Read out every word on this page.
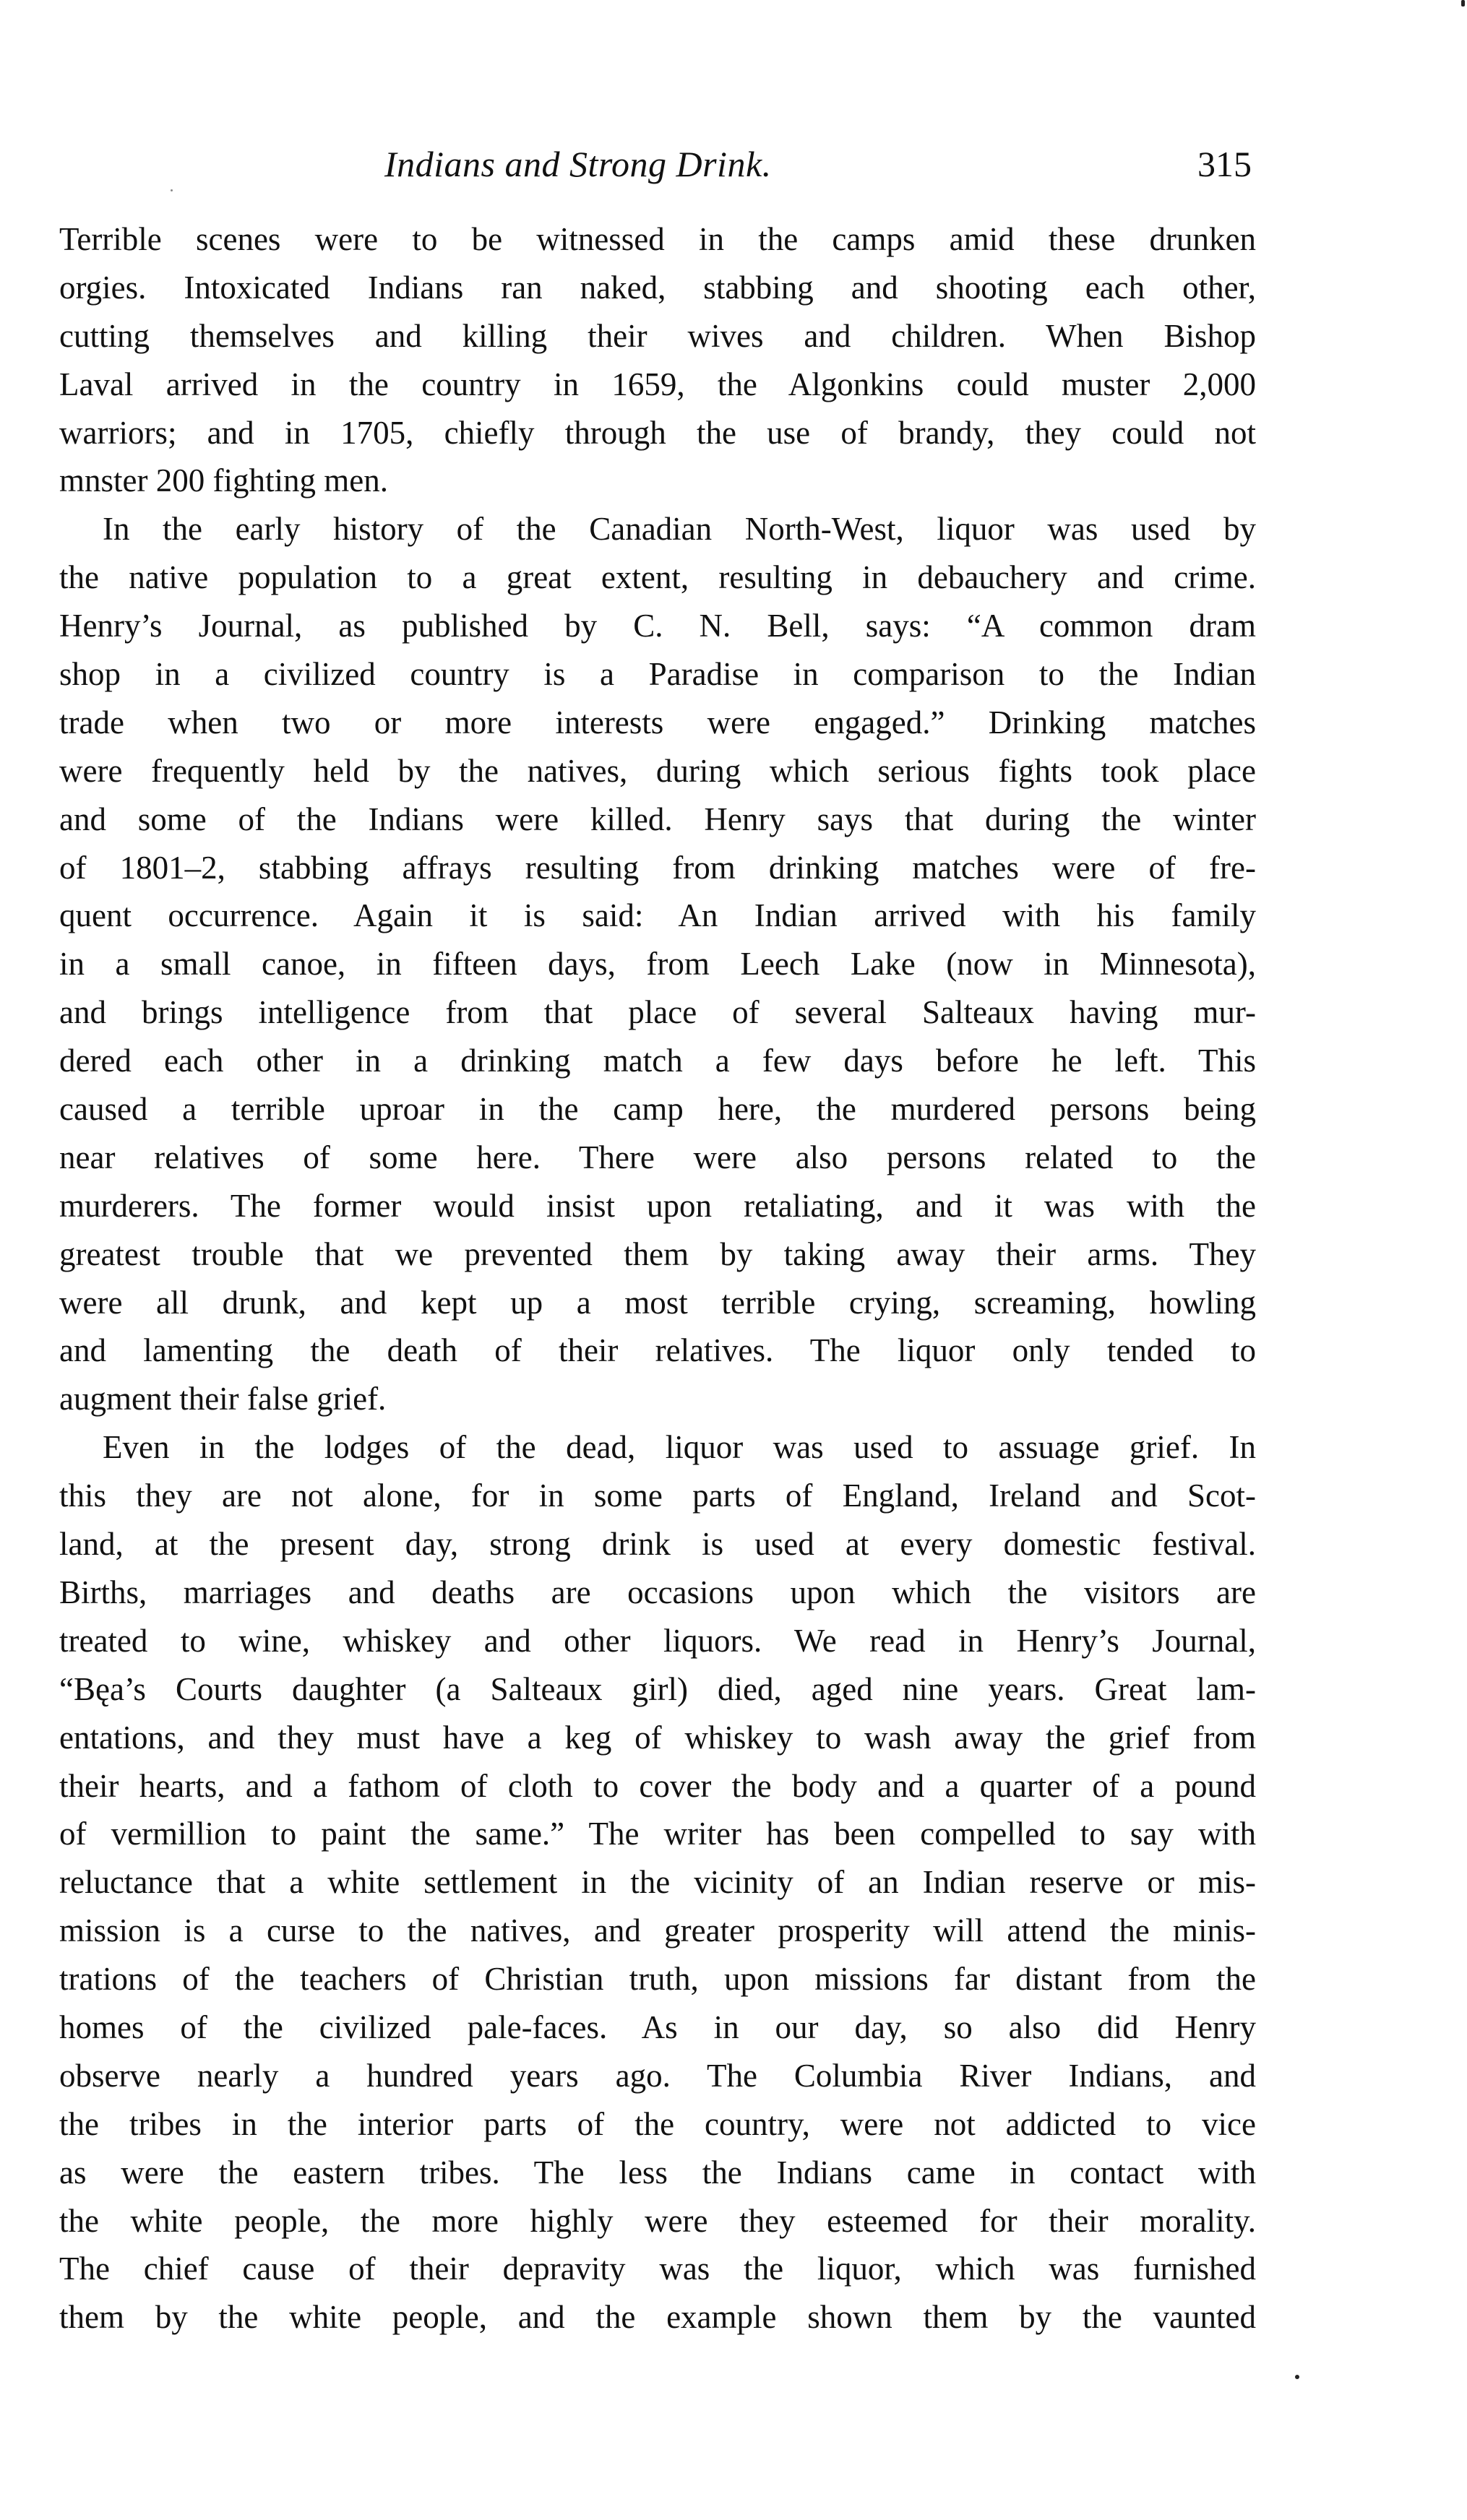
Indians and Strong Drink.	315
Terrible scenes were to be witnessed in the camps amid these drunken
orgies. Intoxicated Indians ran naked, stabbing and shooting each other,
cutting themselves and killing their wives and children. When Bishop
Laval arrived in the country in 1659, the Algonkins could muster 2,000
warriors; and in 1705, chiefly through the use of brandy, they could not
mnster 200 fighting men.
In the early history of the Canadian North-West, liquor was used by
the native population to a great extent, resulting in debauchery and crime.
Henry’s Journal, as published by C. N. Bell, says: “A common dram
shop in a civilized country is a Paradise in comparison to the Indian
trade when two or more interests were engaged.” Drinking matches
were frequently held by the natives, during which serious fights took place
and some of the Indians were killed. Henry says that during the winter
of 1801–2, stabbing affrays resulting from drinking matches were of fre-
quent occurrence. Again it is said: An Indian arrived with his family
in a small canoe, in fifteen days, from Leech Lake (now in Minnesota),
and brings intelligence from that place of several Salteaux having mur-
dered each other in a drinking match a few days before he left. This
caused a terrible uproar in the camp here, the murdered persons being
near relatives of some here. There were also persons related to the
murderers. The former would insist upon retaliating, and it was with the
greatest trouble that we prevented them by taking away their arms. They
were all drunk, and kept up a most terrible crying, screaming, howling
and lamenting the death of their relatives. The liquor only tended to
augment their false grief.
Even in the lodges of the dead, liquor was used to assuage grief. In
this they are not alone, for in some parts of England, Ireland and Scot-
land, at the present day, strong drink is used at every domestic festival.
Births, marriages and deaths are occasions upon which the visitors are
treated to wine, whiskey and other liquors. We read in Henry’s Journal,
“Bęa’s Courts daughter (a Salteaux girl) died, aged nine years. Great lam-
entations, and they must have a keg of whiskey to wash away the grief from
their hearts, and a fathom of cloth to cover the body and a quarter of a pound
of vermillion to paint the same.” The writer has been compelled to say with
reluctance that a white settlement in the vicinity of an Indian reserve or mis-
mission is a curse to the natives, and greater prosperity will attend the minis-
trations of the teachers of Christian truth, upon missions far distant from the
homes of the civilized pale-faces. As in our day, so also did Henry
observe nearly a hundred years ago. The Columbia River Indians, and
the tribes in the interior parts of the country, were not addicted to vice
as were the eastern tribes. The less the Indians came in contact with
the white people, the more highly were they esteemed for their morality.
The chief cause of their depravity was the liquor, which was furnished
them by the white people, and the example shown them by the vaunted
